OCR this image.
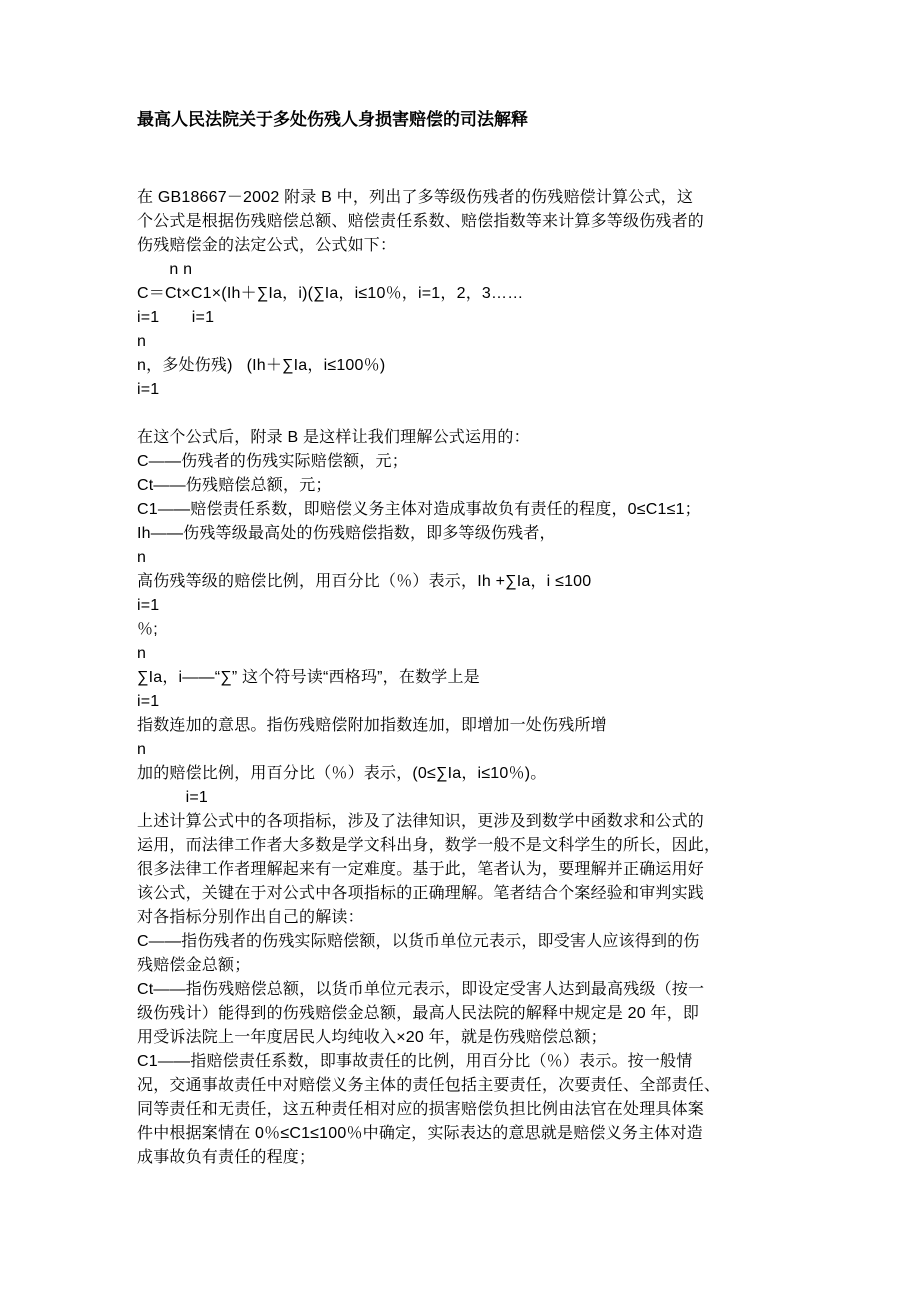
最高人民法院关于多处伤残人身损害赔偿的司法解释
在 GB18667－2002 附录 B 中，列出了多等级伤残者的伤残赔偿计算公式，这
个公式是根据伤残赔偿总额、赔偿责任系数、赔偿指数等来计算多等级伤残者的
伤残赔偿金的法定公式，公式如下：
　　n n
C＝Ct×C1×(Ih＋∑Ia，i)(∑Ia，i≤10％，i=1，2，3……
i=1　　i=1
n
n，多处伤残)   (Ih＋∑Ia，i≤100％)
i=1
在这个公式后，附录 B 是这样让我们理解公式运用的：
C——伤残者的伤残实际赔偿额，元；
Ct——伤残赔偿总额，元；
C1——赔偿责任系数，即赔偿义务主体对造成事故负有责任的程度，0≤C1≤1；
Ih——伤残等级最高处的伤残赔偿指数，即多等级伤残者，
n
高伤残等级的赔偿比例，用百分比（％）表示，Ih +∑Ia，i ≤100
i=1
％;
n
∑Ia，i——“∑” 这个符号读“西格玛”，在数学上是
i=1
指数连加的意思。指伤残赔偿附加指数连加，即增加一处伤残所增
n
加的赔偿比例，用百分比（％）表示，(0≤∑Ia，i≤10％)。
　　　i=1
上述计算公式中的各项指标，涉及了法律知识，更涉及到数学中函数求和公式的
运用，而法律工作者大多数是学文科出身，数学一般不是文科学生的所长，因此，
很多法律工作者理解起来有一定难度。基于此，笔者认为，要理解并正确运用好
该公式，关键在于对公式中各项指标的正确理解。笔者结合个案经验和审判实践
对各指标分别作出自己的解读：
C——指伤残者的伤残实际赔偿额，以货币单位元表示，即受害人应该得到的伤
残赔偿金总额；
Ct——指伤残赔偿总额，以货币单位元表示，即设定受害人达到最高残级（按一
级伤残计）能得到的伤残赔偿金总额，最高人民法院的解释中规定是 20 年，即
用受诉法院上一年度居民人均纯收入×20 年，就是伤残赔偿总额；
C1——指赔偿责任系数，即事故责任的比例，用百分比（％）表示。按一般情
况，交通事故责任中对赔偿义务主体的责任包括主要责任，次要责任、全部责任、
同等责任和无责任，这五种责任相对应的损害赔偿负担比例由法官在处理具体案
件中根据案情在 0％≤C1≤100％中确定，实际表达的意思就是赔偿义务主体对造
成事故负有责任的程度；
